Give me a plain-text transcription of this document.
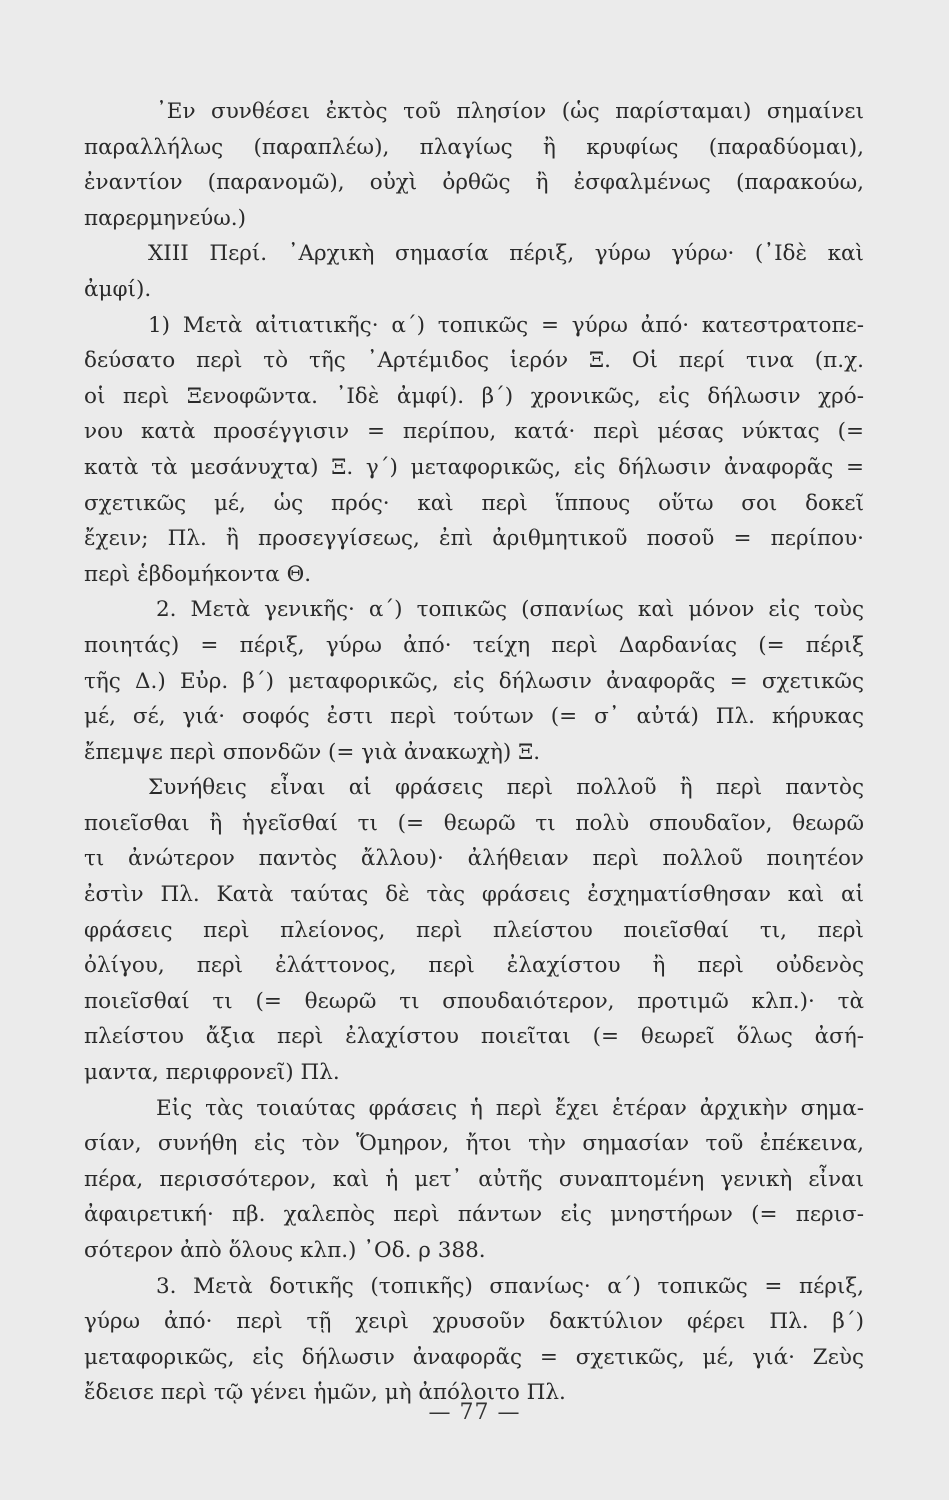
᾿Εν συνθέσει ἐκτὸς τοῦ πλησίον (ὡς παρίσταμαι) σημαίνει
παραλλήλως (παραπλέω), πλαγίως ἢ κρυφίως (παραδύομαι),
ἐναντίον (παρανομῶ), οὐχὶ ὀρθῶς ἢ ἐσφαλμένως (παρακούω,
παρερμηνεύω.)
XIII Περί. ᾿Αρχικὴ σημασία πέριξ, γύρω γύρω· (᾿Ιδὲ καὶ
ἀμφί).
1) Μετὰ αἰτιατικῆς· α΄) τοπικῶς = γύρω ἀπό· κατεστρατοπε-
δεύσατο περὶ τὸ τῆς ᾿Αρτέμιδος ἱερόν Ξ. Οἱ περί τινα (π.χ.
οἱ περὶ Ξενοφῶντα. ᾿Ιδὲ ἀμφί). β΄) χρονικῶς, εἰς δήλωσιν χρό-
νου κατὰ προσέγγισιν = περίπου, κατά· περὶ μέσας νύκτας (=
κατὰ τὰ μεσάνυχτα) Ξ. γ΄) μεταφορικῶς, εἰς δήλωσιν ἀναφορᾶς =
σχετικῶς μέ, ὡς πρός· καὶ περὶ ἵππους οὕτω σοι δοκεῖ
ἔχειν; Πλ. ἢ προσεγγίσεως, ἐπὶ ἀριθμητικοῦ ποσοῦ = περίπου·
περὶ ἑβδομήκοντα Θ.
2. Μετὰ γενικῆς· α΄) τοπικῶς (σπανίως καὶ μόνον εἰς τοὺς
ποιητάς) = πέριξ, γύρω ἀπό· τείχη περὶ Δαρδανίας (= πέριξ
τῆς Δ.) Εὐρ. β΄) μεταφορικῶς, εἰς δήλωσιν ἀναφορᾶς = σχετικῶς
μέ, σέ, γιά· σοφός ἐστι περὶ τούτων (= σ᾿ αὐτά) Πλ. κήρυκας
ἔπεμψε περὶ σπονδῶν (= γιὰ ἀνακωχὴ) Ξ.
Συνήθεις εἶναι αἱ φράσεις περὶ πολλοῦ ἢ περὶ παντὸς
ποιεῖσθαι ἢ ἡγεῖσθαί τι (= θεωρῶ τι πολὺ σπουδαῖον, θεωρῶ
τι ἀνώτερον παντὸς ἄλλου)· ἀλήθειαν περὶ πολλοῦ ποιητέον
ἐστὶν Πλ. Κατὰ ταύτας δὲ τὰς φράσεις ἐσχηματίσθησαν καὶ αἱ
φράσεις περὶ πλείονος, περὶ πλείστου ποιεῖσθαί τι, περὶ
ὀλίγου, περὶ ἐλάττονος, περὶ ἐλαχίστου ἢ περὶ οὐδενὸς
ποιεῖσθαί τι (= θεωρῶ τι σπουδαιότερον, προτιμῶ κλπ.)· τὰ
πλείστου ἄξια περὶ ἐλαχίστου ποιεῖται (= θεωρεῖ ὅλως ἀσή-
μαντα, περιφρονεῖ) Πλ.
Εἰς τὰς τοιαύτας φράσεις ἡ περὶ ἔχει ἑτέραν ἀρχικὴν σημα-
σίαν, συνήθη εἰς τὸν Ὅμηρον, ἤτοι τὴν σημασίαν τοῦ ἐπέκεινα,
πέρα, περισσότερον, καὶ ἡ μετ᾿ αὐτῆς συναπτομένη γενικὴ εἶναι
ἀφαιρετική· πβ. χαλεπὸς περὶ πάντων εἰς μνηστήρων (= περισ-
σότερον ἀπὸ ὅλους κλπ.) ᾿Οδ. ρ 388.
3. Μετὰ δοτικῆς (τοπικῆς) σπανίως· α΄) τοπικῶς = πέριξ,
γύρω ἀπό· περὶ τῇ χειρὶ χρυσοῦν δακτύλιον φέρει Πλ. β΄)
μεταφορικῶς, εἰς δήλωσιν ἀναφορᾶς = σχετικῶς, μέ, γιά· Ζεὺς
ἔδεισε περὶ τῷ γένει ἡμῶν, μὴ ἀπόλοιτο Πλ.
— 77 —
